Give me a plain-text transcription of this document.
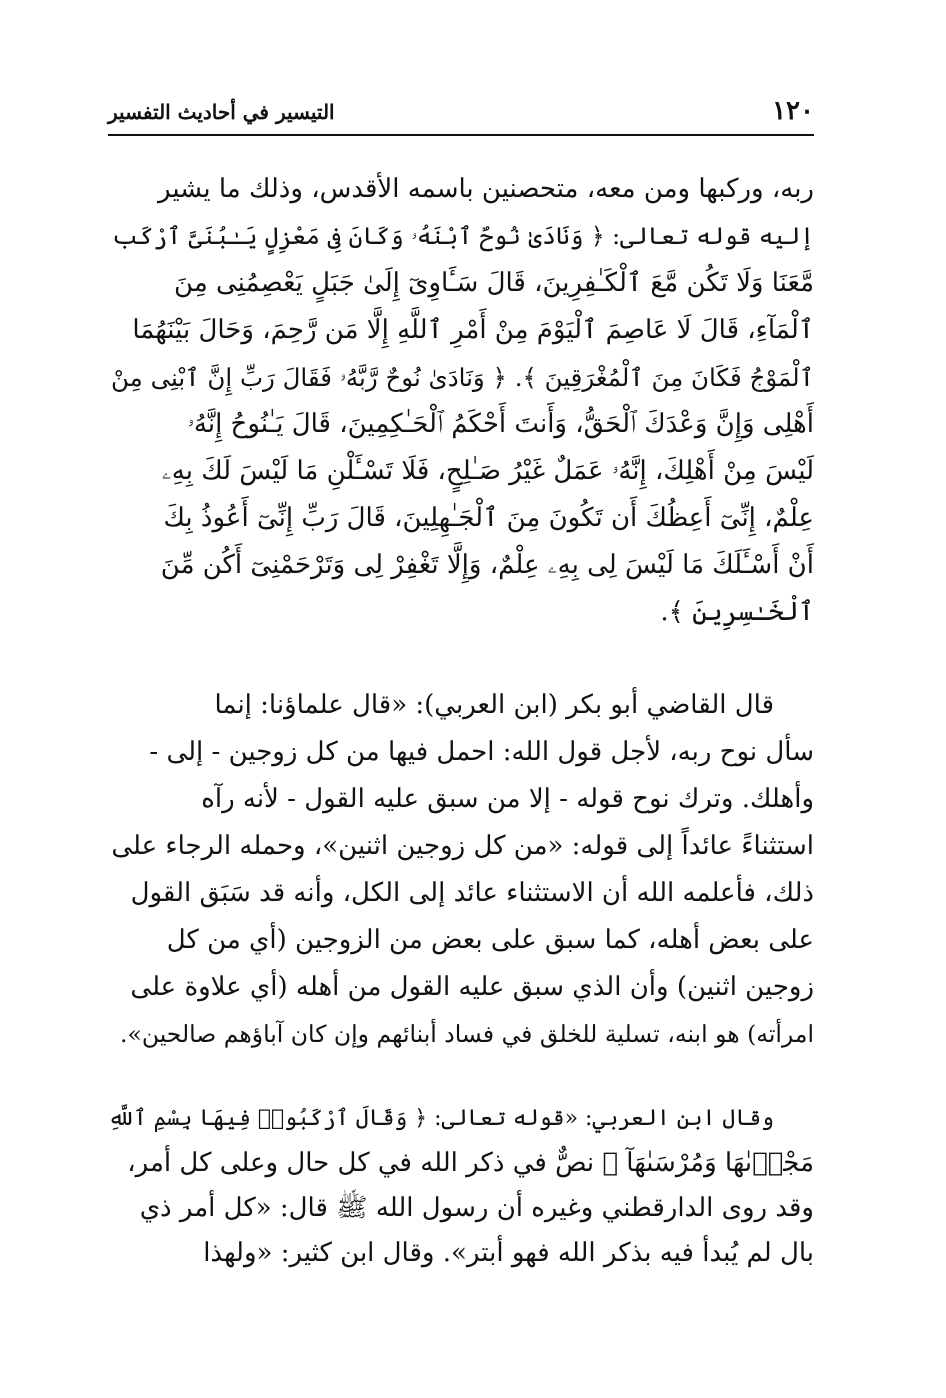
١٢٠
التيسير في أحاديث التفسير
ربه، وركبها ومن معه، متحصنين باسمه الأقدس، وذلك ما يشير
إليه قوله تعالى: ﴿ وَنَادَىٰ نُوحٌ ٱبْنَهُۥ وَكَانَ فِى مَعْزِلٍ يَـٰبُنَىَّ ٱرْكَب
مَّعَنَا وَلَا تَكُن مَّعَ ٱلْكَـٰفِرِينَ، قَالَ سَـَٔاوِىٓ إِلَىٰ جَبَلٍ يَعْصِمُنِى مِنَ
ٱلْمَآءِ، قَالَ لَا عَاصِمَ ٱلْيَوْمَ مِنْ أَمْرِ ٱللَّهِ إِلَّا مَن رَّحِمَ، وَحَالَ بَيْنَهُمَا
ٱلْمَوْجُ فَكَانَ مِنَ ٱلْمُغْرَقِينَ ﴾. ﴿ وَنَادَىٰ نُوحٌ رَّبَّهُۥ فَقَالَ رَبِّ إِنَّ ٱبْنِى مِنْ
أَهْلِى وَإِنَّ وَعْدَكَ ٱلْحَقُّ، وَأَنتَ أَحْكَمُ ٱلْحَـٰكِمِينَ، قَالَ يَـٰنُوحُ إِنَّهُۥ
لَيْسَ مِنْ أَهْلِكَ، إِنَّهُۥ عَمَلٌ غَيْرُ صَـٰلِحٍ، فَلَا تَسْـَٔلْنِ مَا لَيْسَ لَكَ بِهِۦ
عِلْمٌ، إِنِّىٓ أَعِظُكَ أَن تَكُونَ مِنَ ٱلْجَـٰهِلِينَ، قَالَ رَبِّ إِنِّىٓ أَعُوذُ بِكَ
أَنْ أَسْـَٔلَكَ مَا لَيْسَ لِى بِهِۦ عِلْمٌ، وَإِلَّا تَغْفِرْ لِى وَتَرْحَمْنِىٓ أَكُن مِّنَ
ٱلْخَـٰسِرِينَ ﴾.
قال القاضي أبو بكر (ابن العربي): «قال علماؤنا: إنما
سأل نوح ربه، لأجل قول الله: احمل فيها من كل زوجين - إلى -
وأهلك. وترك نوح قوله - إلا من سبق عليه القول - لأنه رآه
استثناءً عائداً إلى قوله: «من كل زوجين اثنين»، وحمله الرجاء على
ذلك، فأعلمه الله أن الاستثناء عائد إلى الكل، وأنه قد سَبَق القول
على بعض أهله، كما سبق على بعض من الزوجين (أي من كل
زوجين اثنين) وأن الذي سبق عليه القول من أهله (أي علاوة على
امرأته) هو ابنه، تسلية للخلق في فساد أبنائهم وإن كان آباؤهم صالحين».
وقال ابن العربي: «قوله تعالى: ﴿ وَقَالَ ٱرْكَبُوا۟ فِيهَا بِسْمِ ٱللَّهِ
مَجْر۪ىٰهَا وَمُرْسَىٰهَآ ﴾ نصٌّ في ذكر الله في كل حال وعلى كل أمر،
وقد روى الدارقطني وغيره أن رسول الله ﷺ قال: «كل أمر ذي
بال لم يُبدأ فيه بذكر الله فهو أبتر». وقال ابن كثير: «ولهذا
